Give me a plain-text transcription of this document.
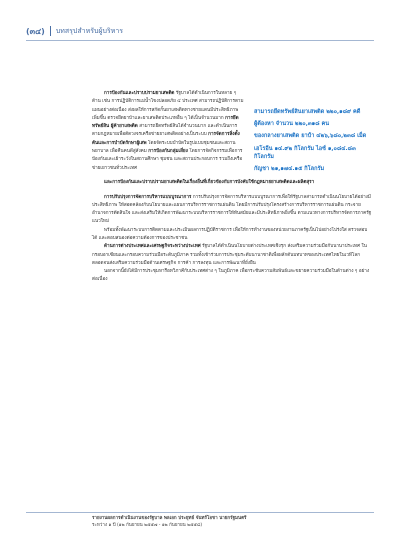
(๓๔) บทสรุปสำหรับผู้บริหาร

การป้องกันและปราบปรามยาเสพติด รัฐบาลได้ดำเนินการในหลาย ๆ ด้าน เช่น การปฏิบัติการแม่น้ำโขงปลอดภัย ๔ ประเทศ สามารถปฏิบัติการตามแผนอย่างต่อเนื่อง ส่งผลให้การสกัดกั้นยาเสพติดทางชายแดนมีประสิทธิภาพเพิ่มขึ้น ตรวจยึดยาบ้าและยาเสพติดประเภทอื่น ๆ ได้เป็นจำนวนมาก การยึดทรัพย์สิน ผู้ค้ายาเสพติด สามารถยึดทรัพย์สินได้จำนวนมาก และดำเนินการตามกฎหมายเพื่อตัดวงจรเครือข่ายยาเสพติดอย่างเป็นระบบ การจัดการสิ่งตั้งต้นและการบำบัดรักษาผู้เสพ โดยจัดระบบบำบัดในรูปแบบชุมชนและสถานพยาบาล เพื่อคืนคนดีสู่สังคม การป้องกันกลุ่มเสี่ยง โดยการจัดกิจกรรมเพื่อการป้องกันและเฝ้าระวังในสถานศึกษา ชุมชน และสถานประกอบการ รวมถึงเครือข่ายเยาวชนทั่วประเทศ

สามารถยึดทรัพย์สินยาเสพติด ๒๒๐,๑๘๙ คดี
ผู้ต้องหา จำนวน ๒๒๐,๓๑๘ คน
ของกลางยาเสพติด ยาบ้า ๔๒๖,๖๘๐,๒๓๘ เม็ด
เฮโรอีน ๑๔.๙๒ กิโลกรัม ไอซ์ ๑,๐๘๔.๘๓ กิโลกรัม
กัญชา ๒๑,๑๗๔.๑๕ กิโลกรัม

และการป้องกันและปราบปรามยาเสพติดในเรื่องอื่นที่เกี่ยวข้องกับการบังคับใช้กฎหมายยาเสพติดและผลิตสุรา

การปรับปรุงการจัดการบริหารแบบบูรณาการ การปรับปรุงการจัดการบริหารแบบบูรณาการเพื่อให้รัฐบาลสามารถดำเนินนโยบายได้อย่างมีประสิทธิภาพ ให้สอดคล้องกับนโยบายและแผนการบริหารราชการแผ่นดิน โดยมีการปรับปรุงโครงสร้างการบริหารราชการแผ่นดิน กระจายอำนาจการตัดสินใจ และส่งเสริมให้เกิดการพัฒนาระบบบริหารราชการให้ทันสมัยและมีประสิทธิภาพยิ่งขึ้น ตามแนวทางการบริหารจัดการภาครัฐแนวใหม่

พร้อมทั้งพัฒนาระบบการติดตามและประเมินผลการปฏิบัติราชการ เพื่อให้การทำงานของหน่วยงานภาครัฐเป็นไปอย่างโปร่งใส ตรวจสอบได้ และตอบสนองต่อความต้องการของประชาชน

ด้านการต่างประเทศและเศรษฐกิจระหว่างประเทศ รัฐบาลได้ดำเนินนโยบายต่างประเทศเชิงรุก ส่งเสริมความร่วมมือกับนานาประเทศ ในกรอบอาเซียนและกรอบความร่วมมือระดับภูมิภาค รวมทั้งเข้าร่วมการประชุมระดับนานาชาติเพื่อผลักดันบทบาทของประเทศไทยในเวทีโลก ตลอดจนส่งเสริมความร่วมมือด้านเศรษฐกิจ การค้า การลงทุน และการพัฒนาที่ยั่งยืน

นอกจากนี้ยังได้มีการประชุมหารือทวิภาคีกับประเทศต่าง ๆ ในภูมิภาค เพื่อกระชับความสัมพันธ์และขยายความร่วมมือในด้านต่าง ๆ อย่างต่อเนื่อง

รายงานผลการดำเนินงานของรัฐบาล พลเอก ประยุทธ์ จันทร์โอชา นายกรัฐมนตรี
ระหว่าง ๑ ปี (๑๒ กันยายน ๒๕๕๗ - ๑๒ กันยายน ๒๕๕๘)
